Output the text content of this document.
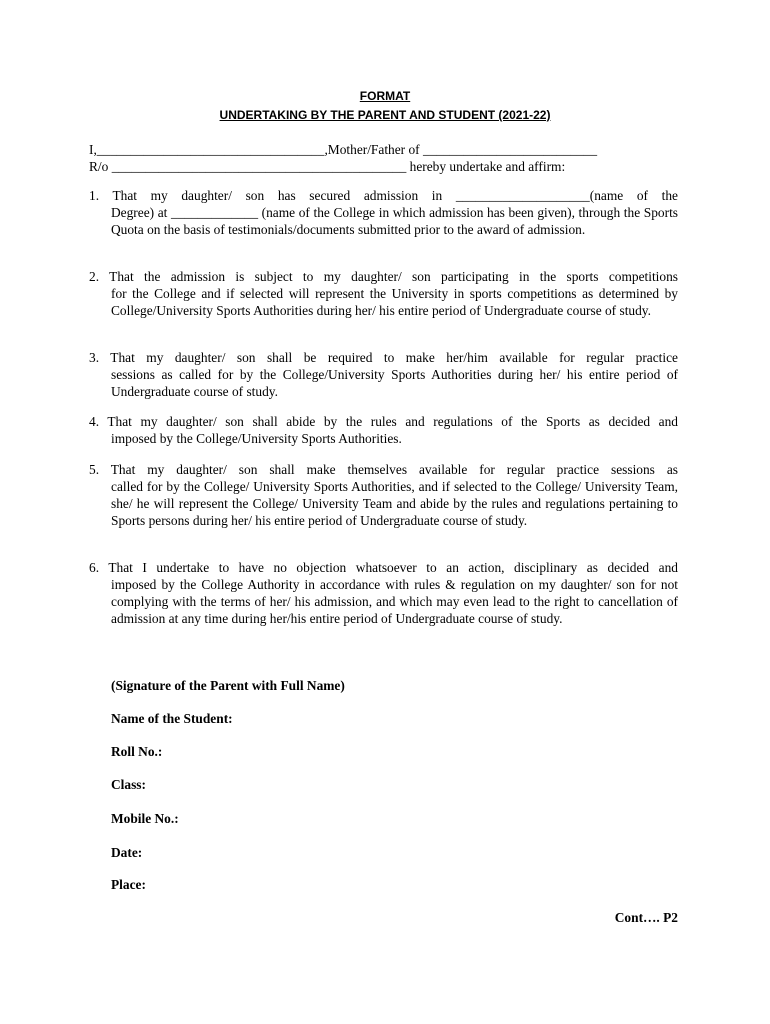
FORMAT
UNDERTAKING BY THE PARENT AND STUDENT (2021-22)
I,__________________________________,Mother/Father of __________________________
R/o ____________________________________________ hereby undertake and affirm:
1. That my daughter/ son has secured admission in ____________________(name of the
Degree) at _____________ (name of the College in which admission has been given), through the Sports Quota on the basis of testimonials/documents submitted prior to the award of admission.
2. That the admission is subject to my daughter/ son participating in the sports competitions
for the College and if selected will represent the University in sports competitions as determined by College/University Sports Authorities during her/ his entire period of Undergraduate course of study.
3. That my daughter/ son shall be required to make her/him available for regular practice
sessions as called for by the College/University Sports Authorities during her/ his entire period of Undergraduate course of study.
4. That my daughter/ son shall abide by the rules and regulations of the Sports as decided and
imposed by the College/University Sports Authorities.
5. That my daughter/ son shall make themselves available for regular practice sessions as
called for by the College/ University Sports Authorities, and if selected to the College/ University Team, she/ he will represent the College/ University Team and abide by the rules and regulations pertaining to Sports persons during her/ his entire period of Undergraduate course of study.
6. That I undertake to have no objection whatsoever to an action, disciplinary as decided and
imposed by the College Authority in accordance with rules & regulation on my daughter/ son for not complying with the terms of her/ his admission, and which may even lead to the right to cancellation of admission at any time during her/his entire period of Undergraduate course of study.
(Signature of the Parent with Full Name)
Name of the Student:
Roll No.:
Class:
Mobile No.:
Date:
Place:
Cont…. P2
